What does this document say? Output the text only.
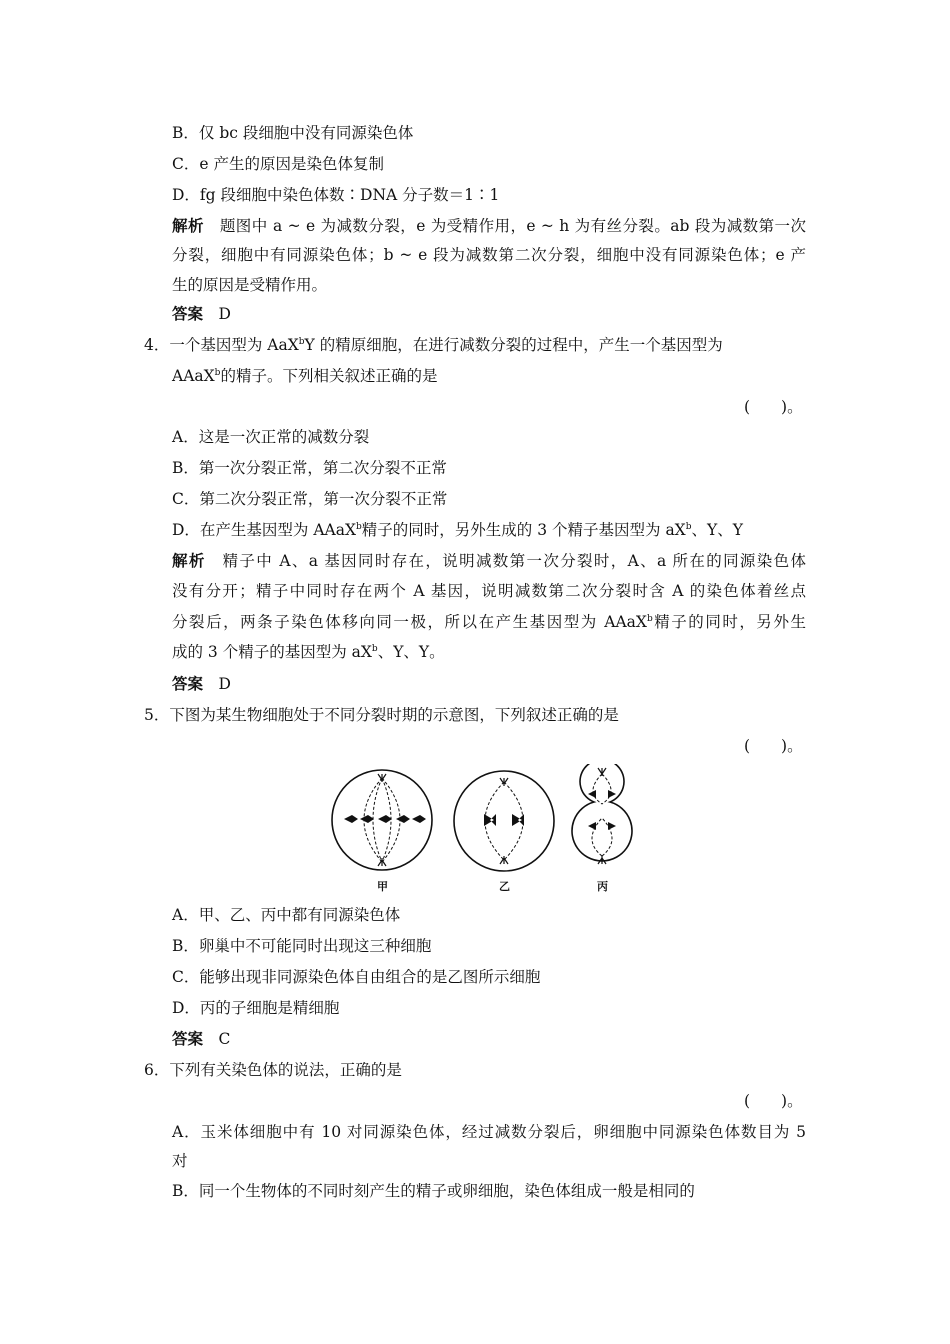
B．仅 bc 段细胞中没有同源染色体
C．e 产生的原因是染色体复制
D．fg 段细胞中染色体数∶DNA 分子数＝1∶1
解析　 题图中 a ~ e 为减数分裂，e 为受精作用，e ~ h 为有丝分裂。ab 段为减数第一次
分裂，细胞中有同源染色体；b ~ e 段为减数第二次分裂，细胞中没有同源染色体；e 产
生的原因是受精作用。
答案　 D
4．一个基因型为 AaX$^b$Y 的精原细胞，在进行减数分裂的过程中，产生一个基因型为
AAaX$^b$的精子。下列相关叙述正确的是
(　　)。
A．这是一次正常的减数分裂
B．第一次分裂正常，第二次分裂不正常
C．第二次分裂正常，第一次分裂不正常
D．在产生基因型为 AAaX$^b$精子的同时，另外生成的 3 个精子基因型为 $aX^b$、Y、Y
解析　 精子中 A、a 基因同时存在，说明减数第一次分裂时，A、a 所在的同源染色体
没有分开；精子中同时存在两个 A 基因，说明减数第二次分裂时含 A 的染色体着丝点
分裂后，两条子染色体移向同一极，所以在产生基因型为 AAaX$^b$精子的同时，另外生
成的 3 个精子的基因型为 $aX^b$、Y、Y。
答案　 D
5．下图为某生物细胞处于不同分裂时期的示意图，下列叙述正确的是
(　　)。
甲	乙	丙
A．甲、乙、丙中都有同源染色体
B．卵巢中不可能同时出现这三种细胞
C．能够出现非同源染色体自由组合的是乙图所示细胞
D．丙的子细胞是精细胞
答案　 C
6．下列有关染色体的说法，正确的是
(　　)。
A．玉米体细胞中有 10 对同源染色体，经过减数分裂后，卵细胞中同源染色体数目为 5
对
B．同一个生物体的不同时刻产生的精子或卵细胞，染色体组成一般是相同的
